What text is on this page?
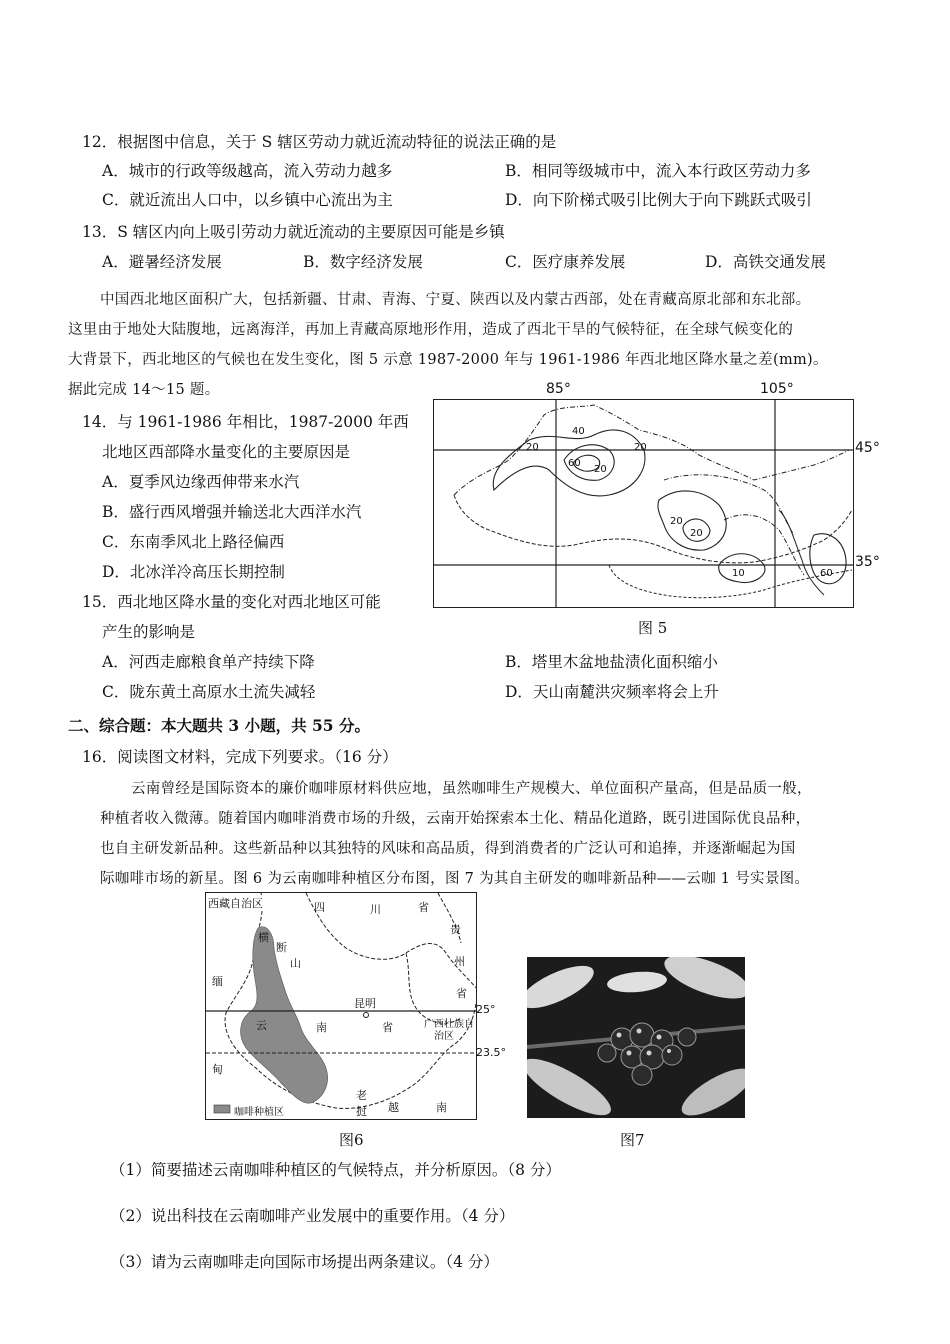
12．根据图中信息，关于 S 辖区劳动力就近流动特征的说法正确的是
A．城市的行政等级越高，流入劳动力越多	B．相同等级城市中，流入本行政区劳动力多
C．就近流出人口中，以乡镇中心流出为主	D．向下阶梯式吸引比例大于向下跳跃式吸引
13．S 辖区内向上吸引劳动力就近流动的主要原因可能是乡镇
A．避暑经济发展	B．数字经济发展	C．医疗康养发展	D．高铁交通发展
中国西北地区面积广大，包括新疆、甘肃、青海、宁夏、陕西以及内蒙古西部，处在青藏高原北部和东北部。
这里由于地处大陆腹地，远离海洋，再加上青藏高原地形作用，造成了西北干旱的气候特征，在全球气候变化的
大背景下，西北地区的气候也在发生变化，图 5 示意 1987-2000 年与 1961-1986 年西北地区降水量之差(mm)。
据此完成 14～15 题。
14．与 1961-1986 年相比，1987-2000 年西
北地区西部降水量变化的主要原因是
A．夏季风边缘西伸带来水汽
B．盛行西风增强并输送北大西洋水汽
C．东南季风北上路径偏西
D．北冰洋冷高压长期控制
15．西北地区降水量的变化对西北地区可能
产生的影响是
A．河西走廊粮食单产持续下降	B．塔里木盆地盐渍化面积缩小
C．陇东黄土高原水土流失减轻	D．天山南麓洪灾频率将会上升
85°	105°
45°
35°
20
40
60
20
20
20
20
10	60
图 5
二、综合题：本大题共 3 小题，共 55 分。
16．阅读图文材料，完成下列要求。（16 分）
云南曾经是国际资本的廉价咖啡原材料供应地，虽然咖啡生产规模大、单位面积产量高，但是品质一般，
种植者收入微薄。随着国内咖啡消费市场的升级，云南开始探索本土化、精品化道路，既引进国际优良品种，
也自主研发新品种。这些新品种以其独特的风味和高品质，得到消费者的广泛认可和追捧，并逐渐崛起为国
际咖啡市场的新星。图 6 为云南咖啡种植区分布图，图 7 为其自主研发的咖啡新品种——云咖 1 号实景图。
西藏自治区	四	川	省
贵
州
省
横
断
山
缅
甸
云	南	省
昆明
广西壮族自
治区
老
挝 越	南
咖啡种植区
25°
23.5°
图6	图7
（1）简要描述云南咖啡种植区的气候特点，并分析原因。（8 分）
（2）说出科技在云南咖啡产业发展中的重要作用。（4 分）
（3）请为云南咖啡走向国际市场提出两条建议。（4 分）
